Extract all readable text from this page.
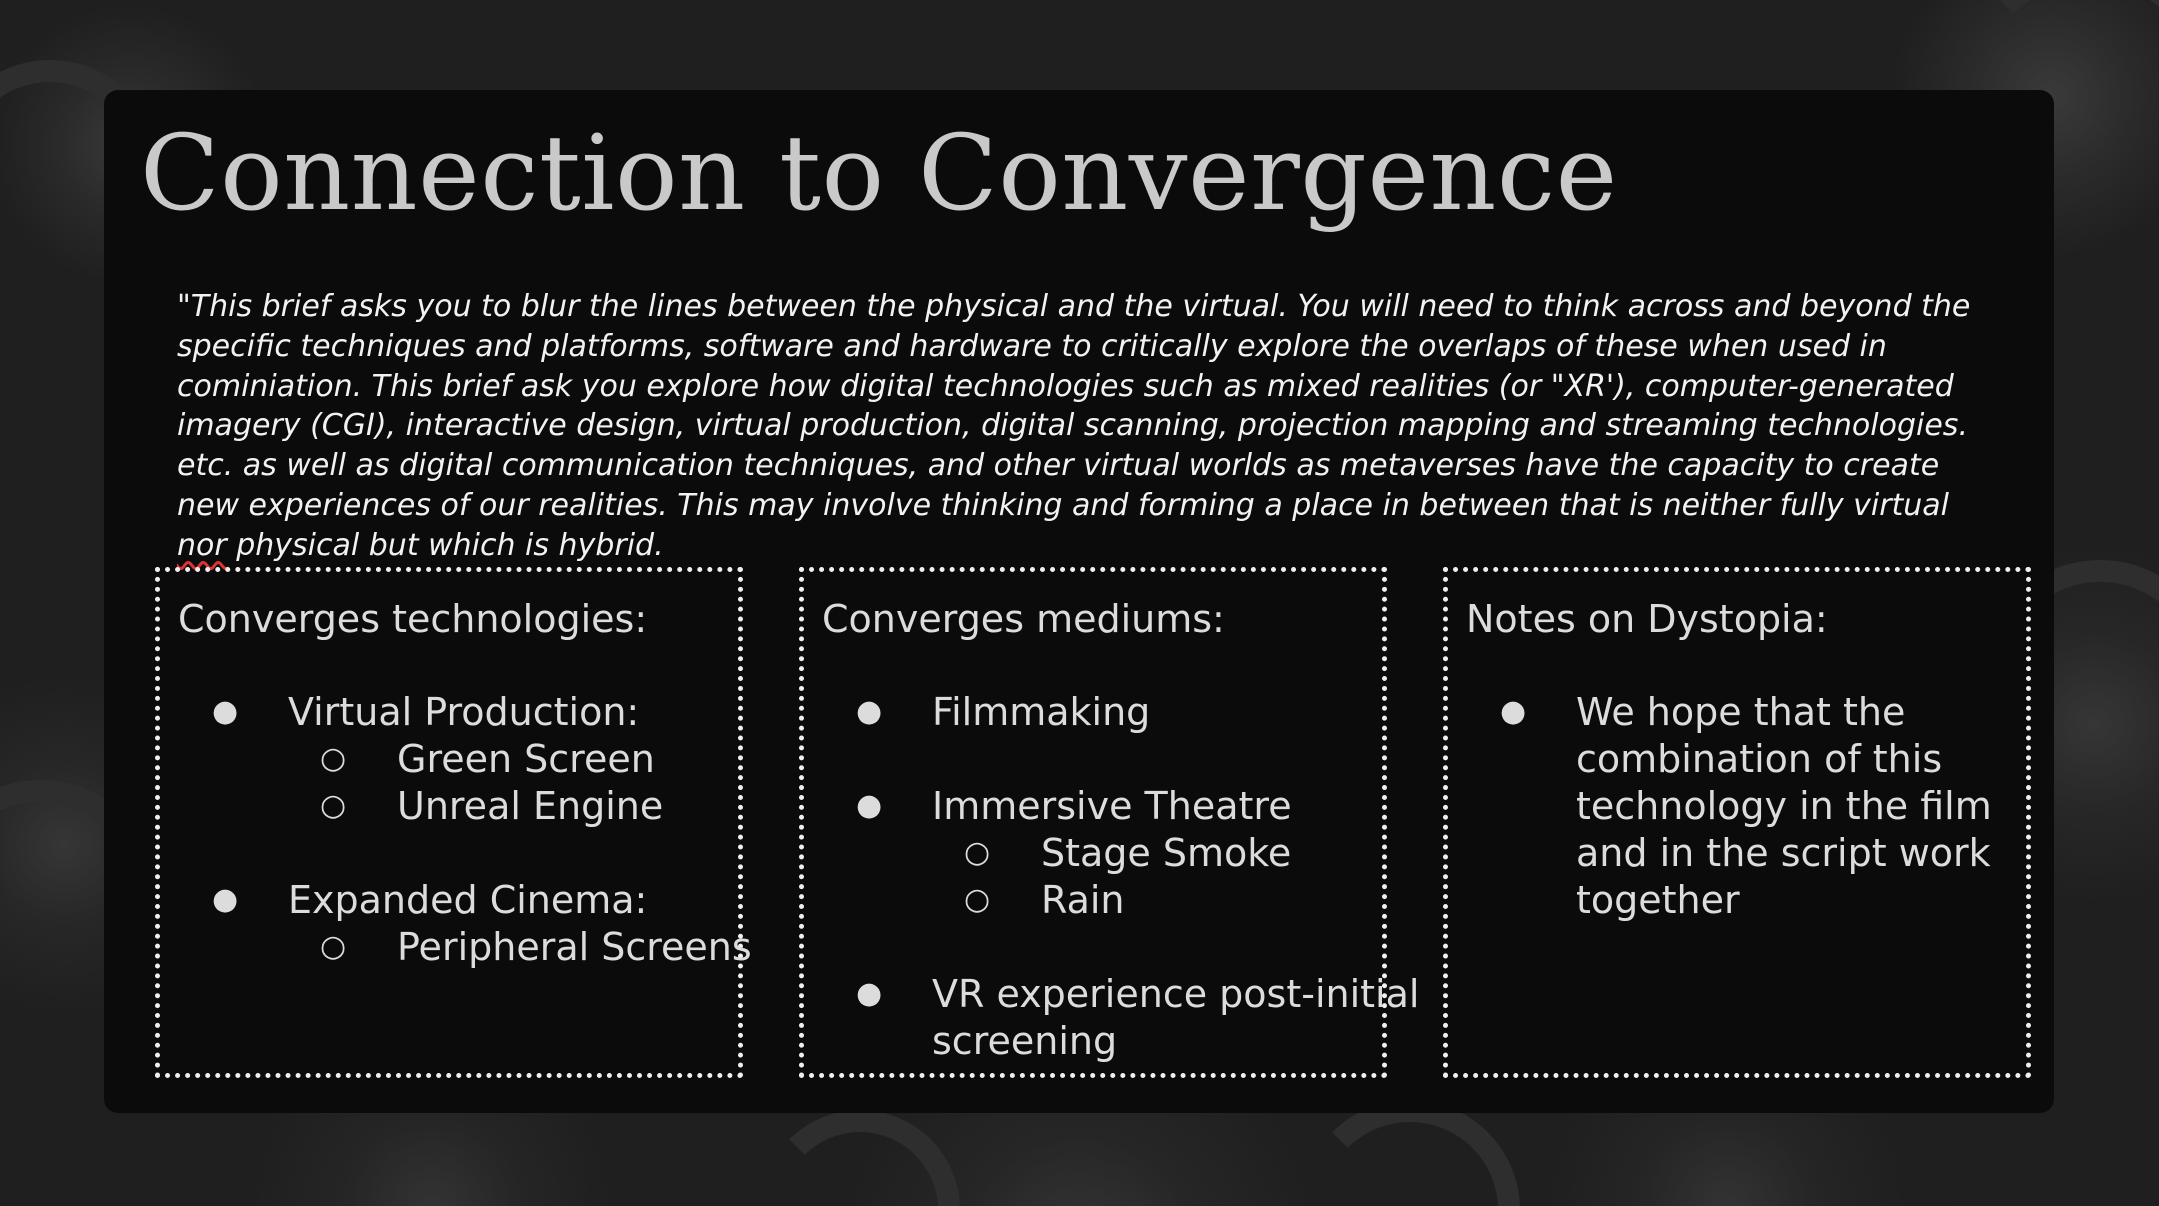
Connection to Convergence
"This brief asks you to blur the lines between the physical and the virtual. You will need to think across and beyond the specific techniques and platforms, software and hardware to critically explore the overlaps of these when used in cominiation. This brief ask you explore how digital technologies such as mixed realities (or "XR'), computer-generated imagery (CGI), interactive design, virtual production, digital scanning, projection mapping and streaming technologies. etc. as well as digital communication techniques, and other virtual worlds as metaverses have the capacity to create new experiences of our realities. This may involve thinking and forming a place in between that is neither fully virtual nor physical but which is hybrid.
Converges technologies:
● Virtual Production:
○ Green Screen
○ Unreal Engine
● Expanded Cinema:
○ Peripheral Screens
Converges mediums:
● Filmmaking
● Immersive Theatre
○ Stage Smoke
○ Rain
● VR experience post-initial
screening
Notes on Dystopia:
● We hope that the
combination of this
technology in the film
and in the script work
together
